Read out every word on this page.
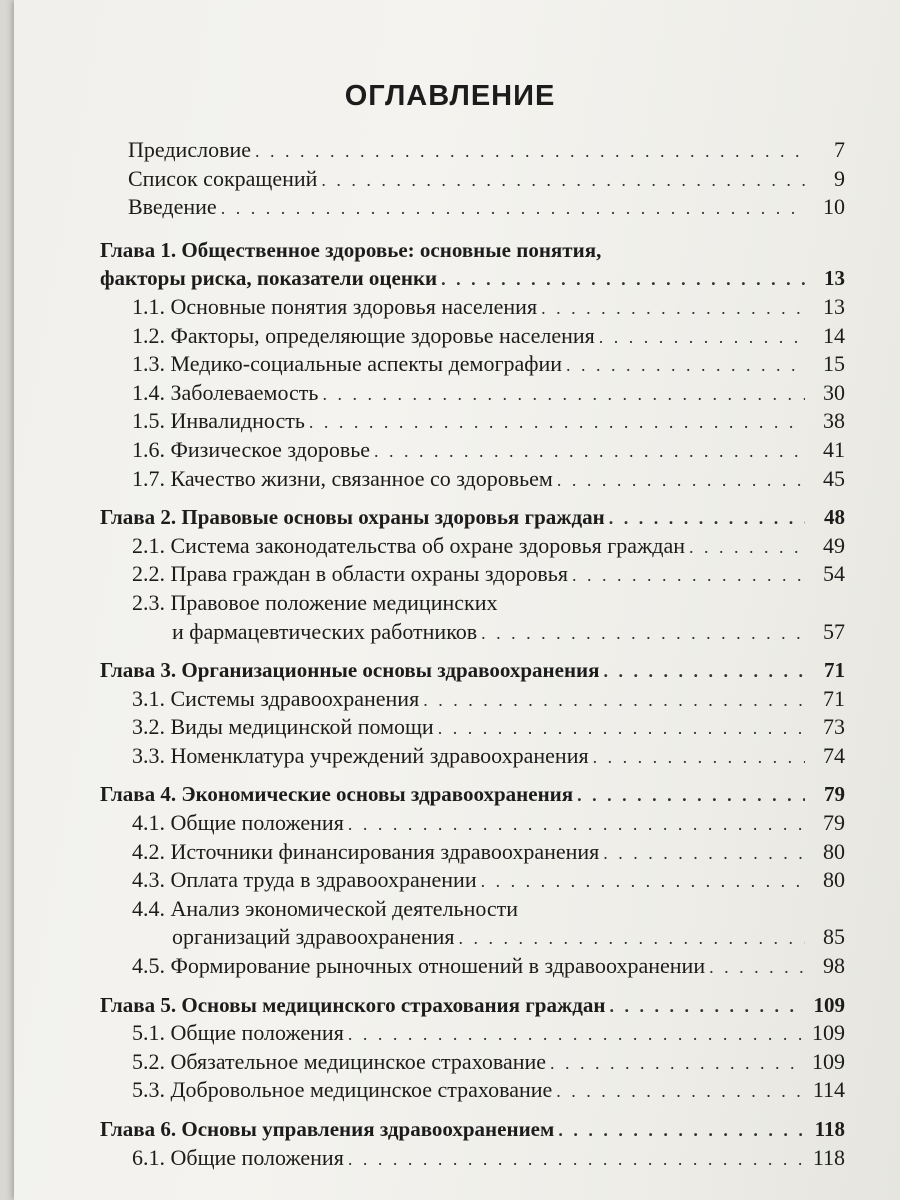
ОГЛАВЛЕНИЕ
Предисловие . . .	7
Список сокращений . . .	9
Введение . . .	10
Глава 1. Общественное здоровье: основные понятия,
факторы риска, показатели оценки . . .	13
1.1. Основные понятия здоровья населения . . .	13
1.2. Факторы, определяющие здоровье населения . . .	14
1.3. Медико-социальные аспекты демографии . . .	15
1.4. Заболеваемость . . .	30
1.5. Инвалидность . . .	38
1.6. Физическое здоровье . . .	41
1.7. Качество жизни, связанное со здоровьем . . .	45
Глава 2. Правовые основы охраны здоровья граждан . . .	48
2.1. Система законодательства об охране здоровья граждан . . .	49
2.2. Права граждан в области охраны здоровья . . .	54
2.3. Правовое положение медицинских
и фармацевтических работников . . .	57
Глава 3. Организационные основы здравоохранения . . .	71
3.1. Системы здравоохранения . . .	71
3.2. Виды медицинской помощи . . .	73
3.3. Номенклатура учреждений здравоохранения . . .	74
Глава 4. Экономические основы здравоохранения . . .	79
4.1. Общие положения . . .	79
4.2. Источники финансирования здравоохранения . . .	80
4.3. Оплата труда в здравоохранении . . .	80
4.4. Анализ экономической деятельности
организаций здравоохранения . . .	85
4.5. Формирование рыночных отношений в здравоохранении . . .	98
Глава 5. Основы медицинского страхования граждан . . .	109
5.1. Общие положения . . .	109
5.2. Обязательное медицинское страхование . . .	109
5.3. Добровольное медицинское страхование . . .	114
Глава 6. Основы управления здравоохранением . . .	118
6.1. Общие положения . . .	118
